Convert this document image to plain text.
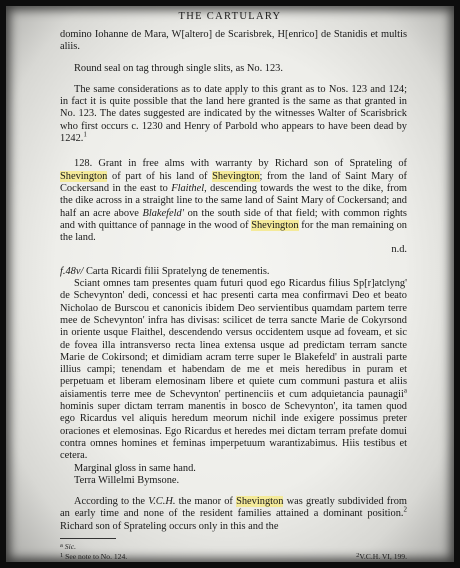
THE CARTULARY

domino Iohanne de Mara, W[altero] de Scarisbrek, H[enrico] de Stanidis et multis aliis.

Round seal on tag through single slits, as No. 123.

The same considerations as to date apply to this grant as to Nos. 123 and 124; in fact it is quite possible that the land here granted is the same as that granted in No. 123. The dates suggested are indicated by the witnesses Walter of Scarisbrick who first occurs c. 1230 and Henry of Parbold who appears to have been dead by 1242.$^1$

128. Grant in free alms with warranty by Richard son of Sprateling of Shevington of part of his land of Shevington; from the land of Saint Mary of Cockersand in the east to Flaithel, descending towards the west to the dike, from the dike across in a straight line to the same land of Saint Mary of Cockersand; and half an acre above Blakefeld' on the south side of that field; with common rights and with quittance of pannage in the wood of Shevington for the man remaining on the land.

n.d.

f.48v/ Carta Ricardi filii Spratelyng de tenementis.

Sciant omnes tam presentes quam futuri quod ego Ricardus filius Sp[r]atclyng' de Schevynton' dedi, concessi et hac presenti carta mea confirmavi Deo et beato Nicholao de Burscou et canonicis ibidem Deo servientibus quamdam partem terre mee de Schevynton' infra has divisas: scilicet de terra sancte Marie de Cokyrsond in oriente usque Flaithel, descendendo versus occidentem usque ad foveam, et sic de fovea illa intransverso recta linea extensa usque ad predictam terram sancte Marie de Cokirsond; et dimidiam acram terre super le Blakefeld' in australi parte illius campi; tenendam et habendam de me et meis heredibus in puram et perpetuam et liberam elemosinam libere et quiete cum communi pastura et aliis aisiamentis terre mee de Schevynton' pertinenciis et cum adquietancia paunagii$^a$ hominis super dictam terram manentis in bosco de Schevynton', ita tamen quod ego Ricardus vel aliquis heredum meorum nichil inde exigere possimus preter oraciones et elemosinas. Ego Ricardus et heredes mei dictam terram prefate domui contra omnes homines et feminas imperpetuum warantizabimus. Hiis testibus et cetera.

Marginal gloss in same hand.

Terra Willelmi Bymsone.

According to the V.C.H. the manor of Shevington was greatly subdivided from an early time and none of the resident families attained a dominant position.$^2$ Richard son of Sprateling occurs only in this and the

a Sic.
2V.C.H. VI, 199.
1 See note to No. 124.
